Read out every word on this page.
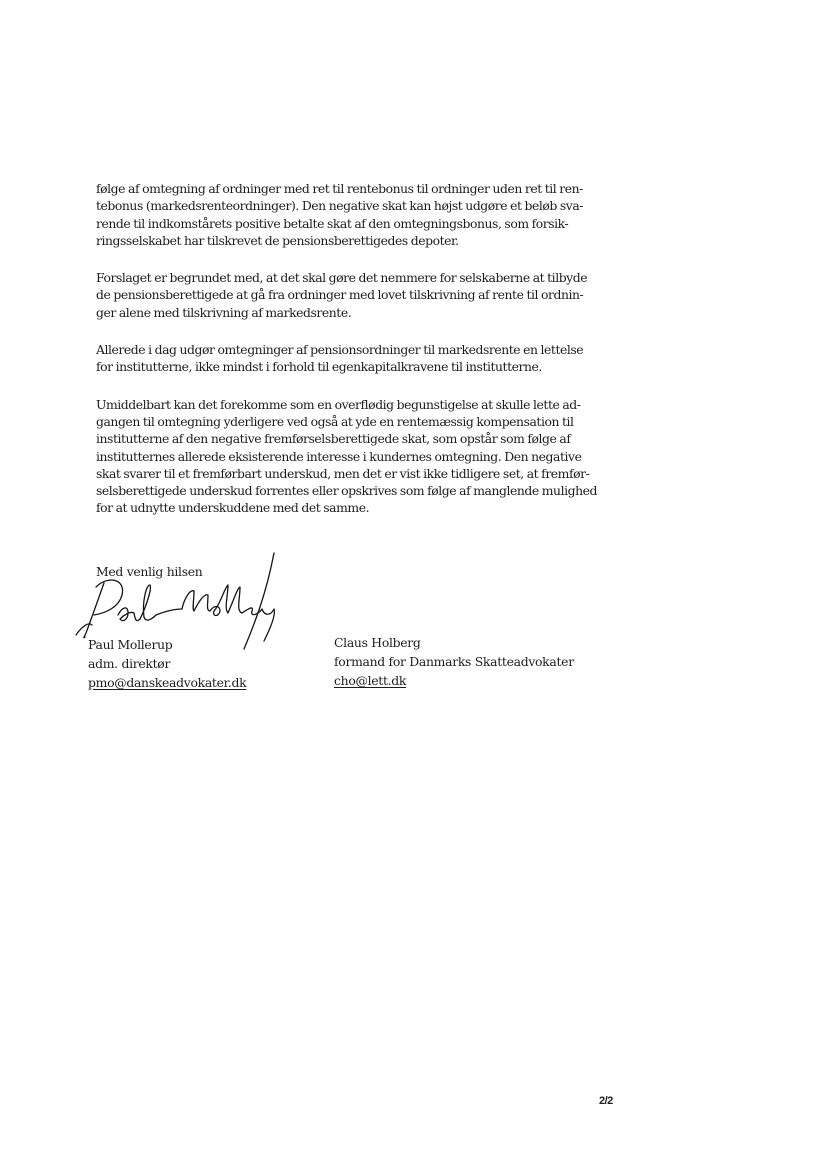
følge af omtegning af ordninger med ret til rentebonus til ordninger uden ret til ren-
tebonus (markedsrenteordninger). Den negative skat kan højst udgøre et beløb sva-
rende til indkomstårets positive betalte skat af den omtegningsbonus, som forsik-
ringsselskabet har tilskrevet de pensionsberettigedes depoter.

Forslaget er begrundet med, at det skal gøre det nemmere for selskaberne at tilbyde
de pensionsberettigede at gå fra ordninger med lovet tilskrivning af rente til ordnin-
ger alene med tilskrivning af markedsrente.

Allerede i dag udgør omtegninger af pensionsordninger til markedsrente en lettelse
for institutterne, ikke mindst i forhold til egenkapitalkravene til institutterne.

Umiddelbart kan det forekomme som en overflødig begunstigelse at skulle lette ad-
gangen til omtegning yderligere ved også at yde en rentemæssig kompensation til
institutterne af den negative fremførselsberettigede skat, som opstår som følge af
institutternes allerede eksisterende interesse i kundernes omtegning. Den negative
skat svarer til et fremførbart underskud, men det er vist ikke tidligere set, at fremfør-
selsberettigede underskud forrentes eller opskrives som følge af manglende mulighed
for at udnytte underskuddene med det samme.

Med venlig hilsen
Paul Mollerup
adm. direktør
pmo@danskeadvokater.dk
Claus Holberg
formand for Danmarks Skatteadvokater
cho@lett.dk
2/2
